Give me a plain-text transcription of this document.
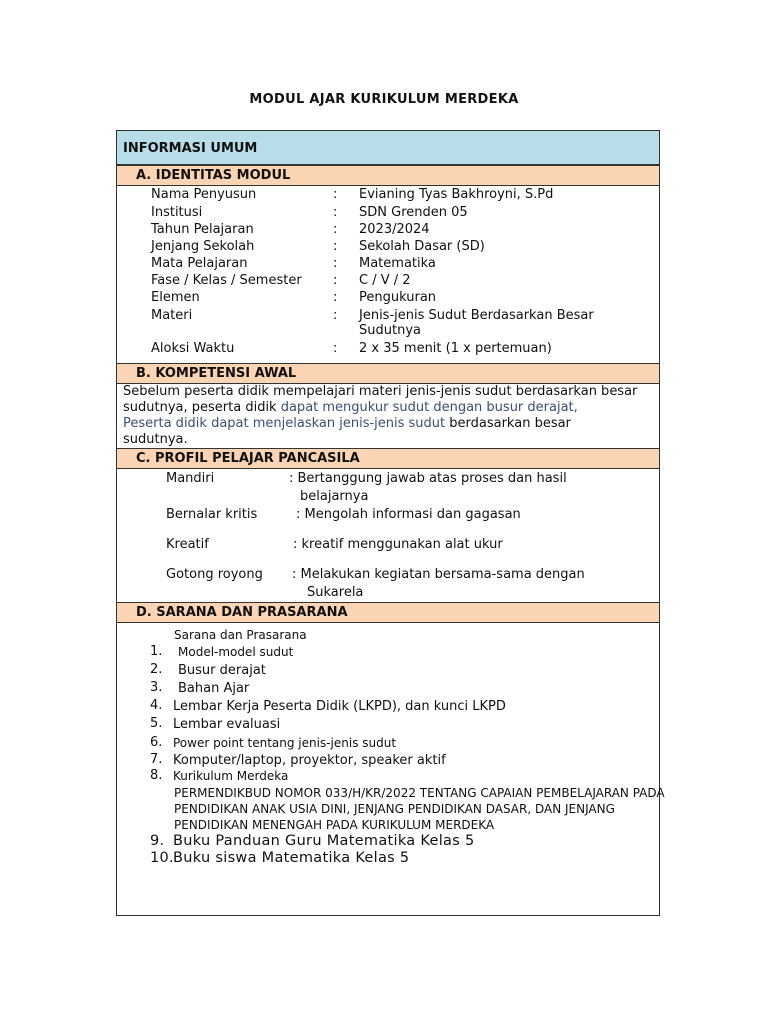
MODUL AJAR KURIKULUM MERDEKA
INFORMASI UMUM
A. IDENTITAS MODUL
Nama Penyusun	: Evianing Tyas Bakhroyni, S.Pd
Institusi	: SDN Grenden 05
Tahun Pelajaran	: 2023/2024
Jenjang Sekolah	: Sekolah Dasar (SD)
Mata Pelajaran	: Matematika
Fase / Kelas / Semester : C / V / 2
Elemen	: Pengukuran
Materi	: Jenis-jenis Sudut Berdasarkan Besar
Sudutnya
Aloksi Waktu	: 2 x 35 menit (1 x pertemuan)
B. KOMPETENSI AWAL
Sebelum peserta didik mempelajari materi jenis-jenis sudut berdasarkan besar
sudutnya, peserta didik dapat mengukur sudut dengan busur derajat,
Peserta didik dapat menjelaskan jenis-jenis sudut berdasarkan besar
sudutnya.
C. PROFIL PELAJAR PANCASILA
Mandiri	: Bertanggung jawab atas proses dan hasil
belajarnya
Bernalar kritis	: Mengolah informasi dan gagasan
Kreatif	: kreatif menggunakan alat ukur
Gotong royong : Melakukan kegiatan bersama-sama dengan
Sukarela
D. SARANA DAN PRASARANA
Sarana dan Prasarana
1.	Model-model sudut
2.	Busur derajat
3.	Bahan Ajar
4. Lembar Kerja Peserta Didik (LKPD), dan kunci LKPD
5. Lembar evaluasi
6. Power point tentang jenis-jenis sudut
7. Komputer/laptop, proyektor, speaker aktif
8. Kurikulum Merdeka
PERMENDIKBUD NOMOR 033/H/KR/2022 TENTANG CAPAIAN PEMBELAJARAN PADA
PENDIDIKAN ANAK USIA DINI, JENJANG PENDIDIKAN DASAR, DAN JENJANG
PENDIDIKAN MENENGAH PADA KURIKULUM MERDEKA
9. Buku Panduan Guru Matematika Kelas 5
10. Buku siswa Matematika Kelas 5
